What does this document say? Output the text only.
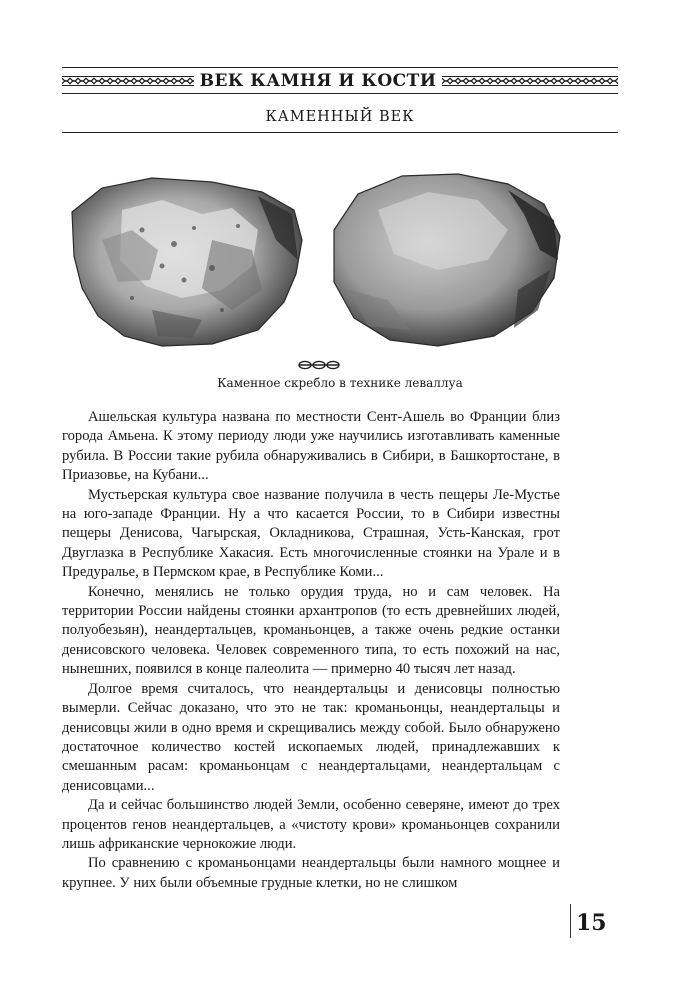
ВЕК КАМНЯ И КОСТИ
КАМЕННЫЙ ВЕК
Каменное скребло в технике леваллуа

Ашельская культура названа по местности Сент-Ашель во Франции близ города Амьена. К этому периоду люди уже научились изготавливать каменные рубила. В России такие рубила обнаруживались в Сибири, в Башкортостане, в Приазовье, на Кубани...

Мустьерская культура свое название получила в честь пещеры Ле-Мустье на юго-западе Франции. Ну а что касается России, то в Сибири известны пещеры Денисова, Чагырская, Окладникова, Страшная, Усть-Канская, грот Двуглазка в Республике Хакасия. Есть многочисленные стоянки на Урале и в Предуралье, в Пермском крае, в Республике Коми...

Конечно, менялись не только орудия труда, но и сам человек. На территории России найдены стоянки архантропов (то есть древнейших людей, полуобезьян), неандертальцев, кроманьонцев, а также очень редкие останки денисовского человека. Человек современного типа, то есть похожий на нас, нынешних, появился в конце палеолита — примерно 40 тысяч лет назад.

Долгое время считалось, что неандертальцы и денисовцы полностью вымерли. Сейчас доказано, что это не так: кроманьонцы, неандертальцы и денисовцы жили в одно время и скрещивались между собой. Было обнаружено достаточное количество костей ископаемых людей, принадлежавших к смешанным расам: кроманьонцам с неандертальцами, неандертальцам с денисовцами...

Да и сейчас большинство людей Земли, особенно северяне, имеют до трех процентов генов неандертальцев, а «чистоту крови» кроманьонцев сохранили лишь африканские чернокожие люди.

По сравнению с кроманьонцами неандертальцы были намного мощнее и крупнее. У них были объемные грудные клетки, но не слишком

15
